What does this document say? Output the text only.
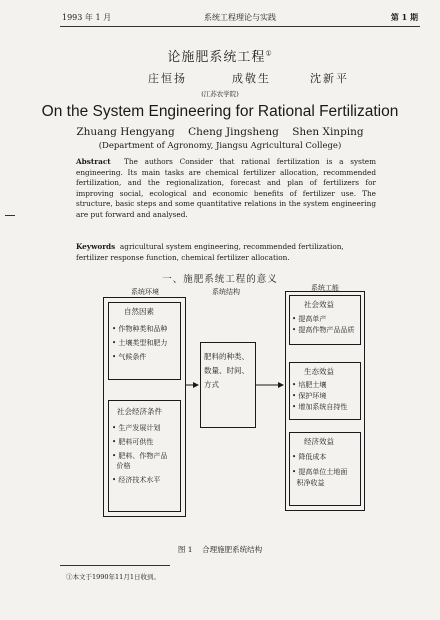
1993 年 1 月	系统工程理论与实践	第 1 期
论施肥系统工程①
庄恒扬	成敬生	沈新平
(江苏农学院)
On the System Engineering for Rational Fertilization
Zhuang Hengyang    Cheng Jingsheng    Shen Xinping
(Department of Agronomy, Jiangsu Agricultural College)
Abstract The authors Consider that rational fertilization is a system engineering. Its main tasks are chemical fertilizer allocation, recommended fertilization, and the regionalization, forecast and plan of fertilizers for improving social, ecological and economic benefits of fertilizer use. The structure, basic steps and some quantitative relations in the system engineering are put forward and analysed.
Keywords agricultural system engineering, recommended fertilization, fertilizer response function, chemical fertilizer allocation.
一、施肥系统工程的意义
系统环境	系统结构	系统工能
自然因素
• 作物种类和品种
• 土壤类型和肥力
• 气候条件
社会经济条件
• 生产发展计划
• 肥料可供性
• 肥料、作物产品
价格
• 经济技术水平
肥料的种类、
数量、时间、
方式
社会效益
• 提高单产
• 提高作物产品品质
生态效益
• 培肥土壤
• 保护环境
• 增加系统自持性
经济效益
• 降低成本
• 提高单位土地面
积净收益
图 1    合理施肥系统结构
①本文于1990年11月1日收到。
